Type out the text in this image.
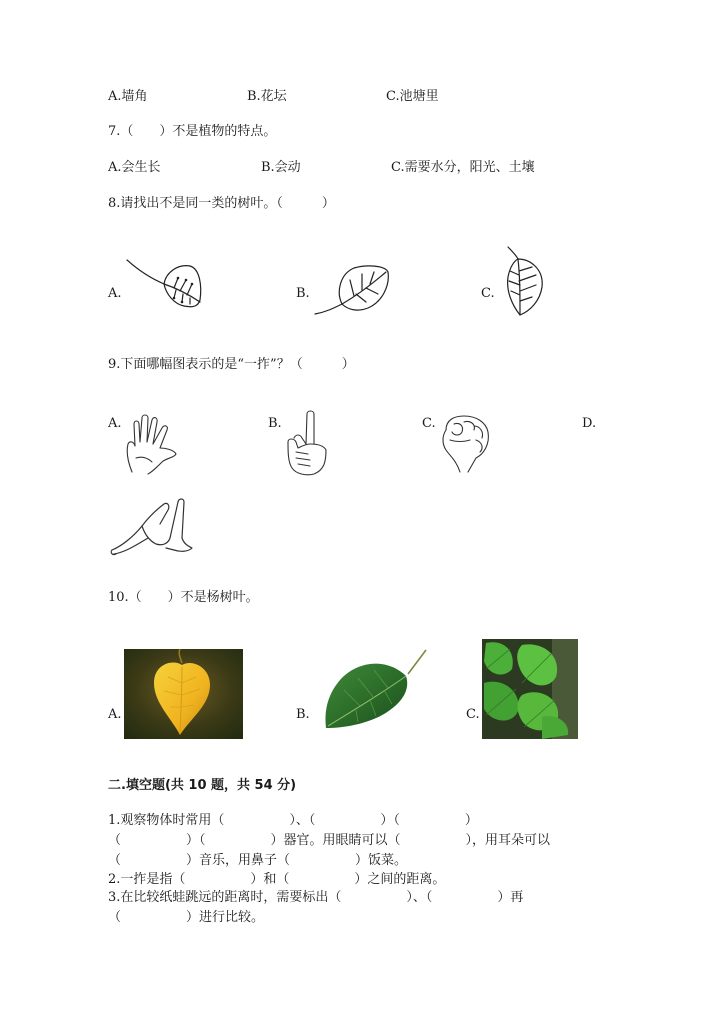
A.墙角	B.花坛	C.池塘里
7.（　　）不是植物的特点。
A.会生长	B.会动	C.需要水分，阳光、土壤
8.请找出不是同一类的树叶。（　　　）
A.	B.	C.
9.下面哪幅图表示的是“一拃”？（　　　）
A.	B.	C.	D.
10.（　　）不是杨树叶。
A.	B.	C.
二.填空题(共 10 题，共 54 分)
1.观察物体时常用（　　　　　）、（　　　　　）（　　　　　）
（　　　　　）（　　　　　）器官。用眼睛可以（　　　　　），用耳朵可以
（　　　　　）音乐，用鼻子（　　　　　）饭菜。
2.一拃是指（　　　　　）和（　　　　　）之间的距离。
3.在比较纸蛙跳远的距离时，需要标出（　　　　　）、（　　　　　）再
（　　　　　）进行比较。
